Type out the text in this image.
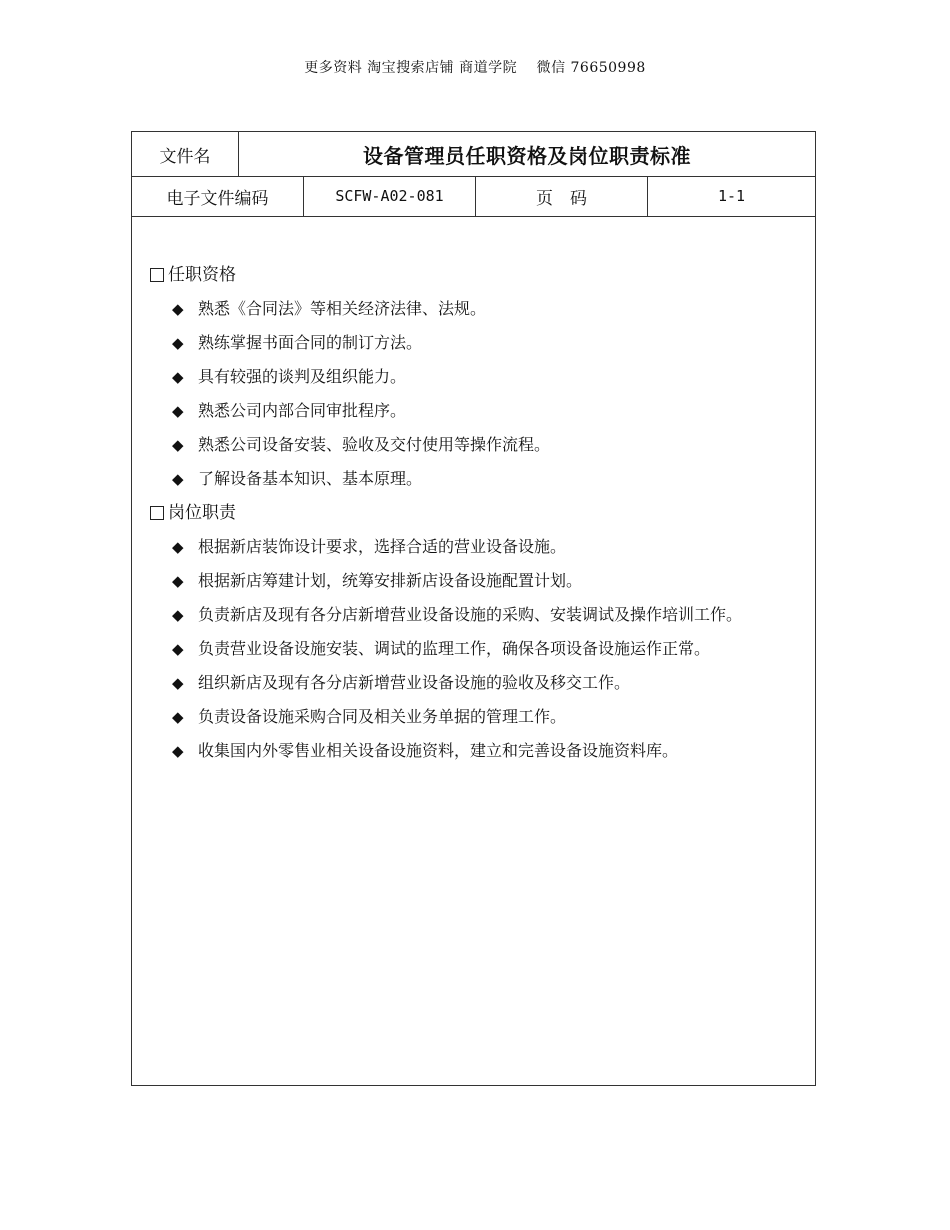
更多资料 淘宝搜索店铺 商道学院　 微信 76650998
文件名	设备管理员任职资格及岗位职责标准
电子文件编码	SCFW-A02-081	页　码	1-1
任职资格
◆ 熟悉《合同法》等相关经济法律、法规。
◆ 熟练掌握书面合同的制订方法。
◆ 具有较强的谈判及组织能力。
◆ 熟悉公司内部合同审批程序。
◆ 熟悉公司设备安装、验收及交付使用等操作流程。
◆ 了解设备基本知识、基本原理。
岗位职责
◆ 根据新店装饰设计要求，选择合适的营业设备设施。
◆ 根据新店筹建计划，统筹安排新店设备设施配置计划。
◆ 负责新店及现有各分店新增营业设备设施的采购、安装调试及操作培训工作。
◆ 负责营业设备设施安装、调试的监理工作，确保各项设备设施运作正常。
◆ 组织新店及现有各分店新增营业设备设施的验收及移交工作。
◆ 负责设备设施采购合同及相关业务单据的管理工作。
◆ 收集国内外零售业相关设备设施资料，建立和完善设备设施资料库。
